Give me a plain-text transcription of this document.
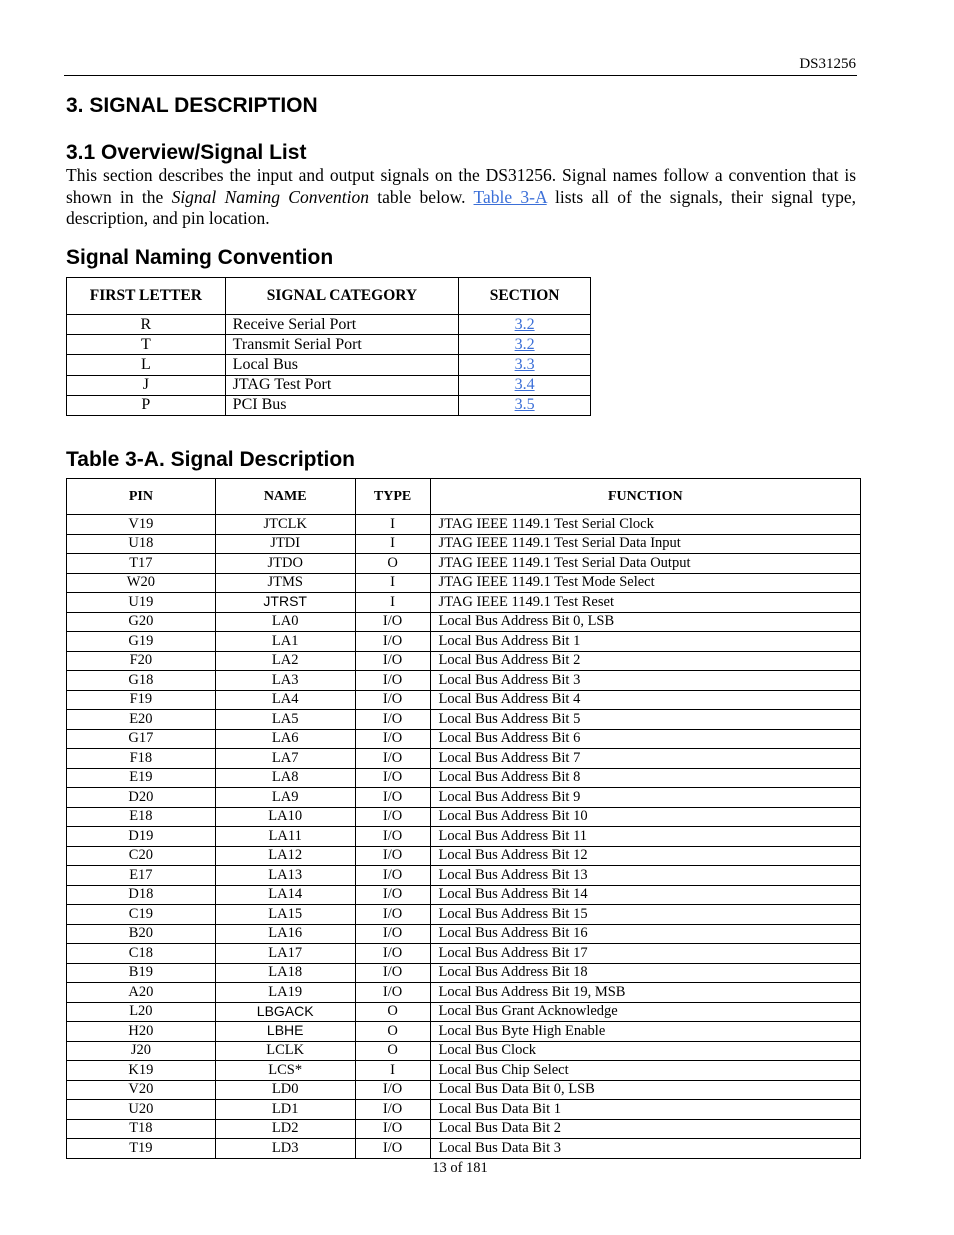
DS31256
3. SIGNAL DESCRIPTION
3.1 Overview/Signal List

This section describes the input and output signals on the DS31256. Signal names follow a convention that is shown in the Signal Naming Convention table below. Table 3-A lists all of the signals, their signal type, description, and pin location.

Signal Naming Convention
FIRST LETTER	SIGNAL CATEGORY	SECTION
R	Receive Serial Port	3.2
T	Transmit Serial Port	3.2
L	Local Bus	3.3
J	JTAG Test Port	3.4
P	PCI Bus	3.5
Table 3-A. Signal Description
PIN	NAME	TYPE	FUNCTION
V19	JTCLK	I	JTAG IEEE 1149.1 Test Serial Clock
U18	JTDI	I	JTAG IEEE 1149.1 Test Serial Data Input
T17	JTDO	O	JTAG IEEE 1149.1 Test Serial Data Output
W20	JTMS	I	JTAG IEEE 1149.1 Test Mode Select
U19	JTRST	I	JTAG IEEE 1149.1 Test Reset
G20	LA0	I/O	Local Bus Address Bit 0, LSB
G19	LA1	I/O	Local Bus Address Bit 1
F20	LA2	I/O	Local Bus Address Bit 2
G18	LA3	I/O	Local Bus Address Bit 3
F19	LA4	I/O	Local Bus Address Bit 4
E20	LA5	I/O	Local Bus Address Bit 5
G17	LA6	I/O	Local Bus Address Bit 6
F18	LA7	I/O	Local Bus Address Bit 7
E19	LA8	I/O	Local Bus Address Bit 8
D20	LA9	I/O	Local Bus Address Bit 9
E18	LA10	I/O	Local Bus Address Bit 10
D19	LA11	I/O	Local Bus Address Bit 11
C20	LA12	I/O	Local Bus Address Bit 12
E17	LA13	I/O	Local Bus Address Bit 13
D18	LA14	I/O	Local Bus Address Bit 14
C19	LA15	I/O	Local Bus Address Bit 15
B20	LA16	I/O	Local Bus Address Bit 16
C18	LA17	I/O	Local Bus Address Bit 17
B19	LA18	I/O	Local Bus Address Bit 18
A20	LA19	I/O	Local Bus Address Bit 19, MSB
L20	LBGACK	O	Local Bus Grant Acknowledge
H20	LBHE	O	Local Bus Byte High Enable
J20	LCLK	O	Local Bus Clock
K19	LCS*	I	Local Bus Chip Select
V20	LD0	I/O	Local Bus Data Bit 0, LSB
U20	LD1	I/O	Local Bus Data Bit 1
T18	LD2	I/O	Local Bus Data Bit 2
T19	LD3	I/O	Local Bus Data Bit 3
13 of 181
